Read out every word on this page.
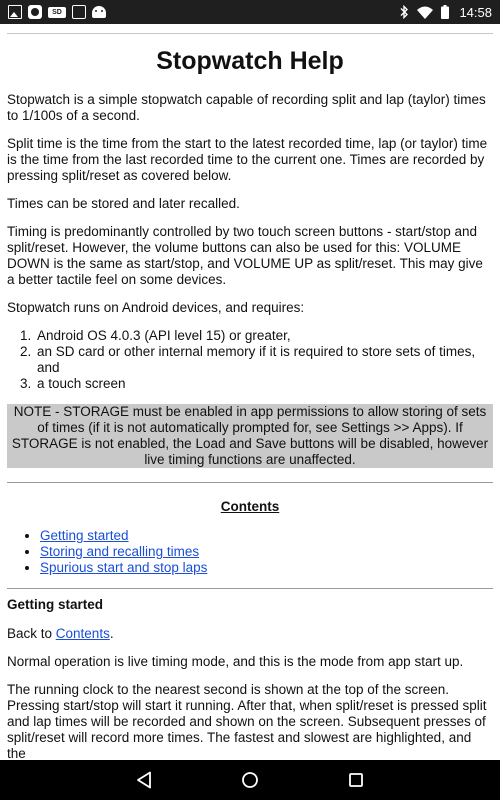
SD	14:58
Stopwatch Help

Stopwatch is a simple stopwatch capable of recording split and lap (taylor) times to 1/100s of a second.

Split time is the time from the start to the latest recorded time, lap (or taylor) time is the time from the last recorded time to the current one. Times are recorded by pressing split/reset as covered below.

Times can be stored and later recalled.

Timing is predominantly controlled by two touch screen buttons - start/stop and split/reset. However, the volume buttons can also be used for this: VOLUME DOWN is the same as start/stop, and VOLUME UP as split/reset. This may give a better tactile feel on some devices.

Stopwatch runs on Android devices, and requires:

1. Android OS 4.0.3 (API level 15) or greater,
2. an SD card or other internal memory if it is required to store sets of times, and
3. a touch screen
NOTE - STORAGE must be enabled in app permissions to allow storing of sets of times (if it is not automatically prompted for, see Settings >> Apps). If STORAGE is not enabled, the Load and Save buttons will be disabled, however live timing functions are unaffected.
Contents
• Getting started
• Storing and recalling times
• Spurious start and stop laps
Getting started

Back to Contents.

Normal operation is live timing mode, and this is the mode from app start up.

The running clock to the nearest second is shown at the top of the screen. Pressing start/stop will start it running. After that, when split/reset is pressed split and lap times will be recorded and shown on the screen. Subsequent presses of split/reset will record more times. The fastest and slowest are highlighted, and the
